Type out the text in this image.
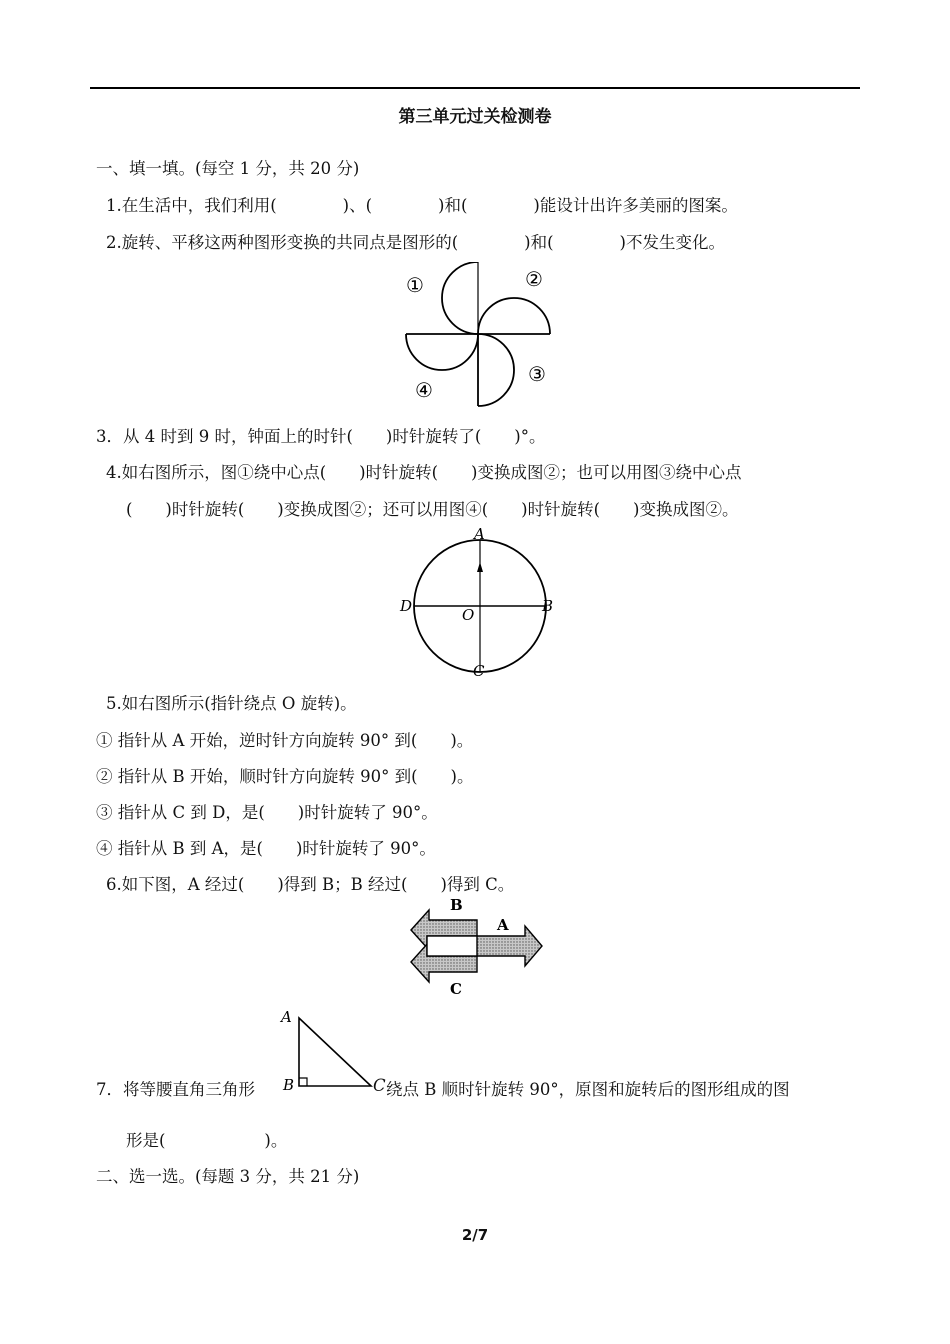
第三单元过关检测卷
一、填一填。(每空 1 分，共 20 分)
1.在生活中，我们利用(　　　　)、(　　　　)和(　　　　)能设计出许多美丽的图案。
2.旋转、平移这两种图形变换的共同点是图形的(　　　　)和(　　　　)不发生变化。
①	②
③
④
3．从 4 时到 9 时，钟面上的时针(　　)时针旋转了(　　)°。
4.如右图所示，图①绕中心点(　　)时针旋转(　　)变换成图②；也可以用图③绕中心点
(　　)时针旋转(　　)变换成图②；还可以用图④(　　)时针旋转(　　)变换成图②。
A
B
C
D	O
5.如右图所示(指针绕点 O 旋转)。
① 指针从 A 开始，逆时针方向旋转 90° 到(　　)。
② 指针从 B 开始，顺时针方向旋转 90° 到(　　)。
③ 指针从 C 到 D，是(　　)时针旋转了 90°。
④ 指针从 B 到 A，是(　　)时针旋转了 90°。
6.如下图，A 经过(　　)得到 B；B 经过(　　)得到 C。
B
A
C
7．将等腰直角三角形
A
B	C 绕点 B 顺时针旋转 90°，原图和旋转后的图形组成的图
形是(　　　　　　)。
二、选一选。(每题 3 分，共 21 分)
2/7
